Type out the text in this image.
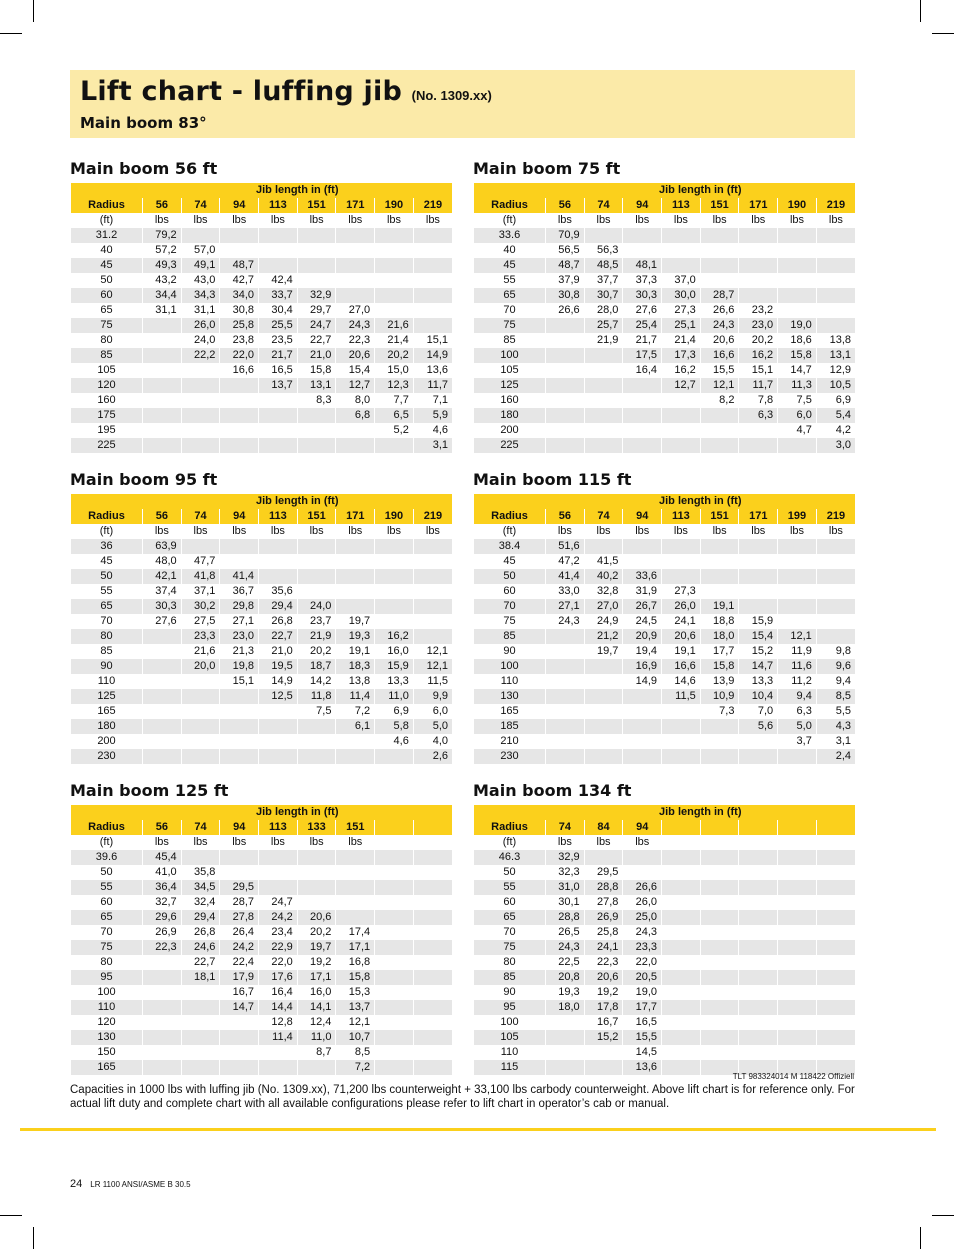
Lift chart - luffing jib (No. 1309.xx)
Main boom 83°
Main boom 56 ft
	Jib length in (ft)							
Radius	56	74	94	113	151	171	190	219
(ft)	lbs	lbs	lbs	lbs	lbs	lbs	lbs	lbs
31.2	79,2							
40	57,2	57,0						
45	49,3	49,1	48,7					
50	43,2	43,0	42,7	42,4				
60	34,4	34,3	34,0	33,7	32,9			
65	31,1	31,1	30,8	30,4	29,7	27,0		
75		26,0	25,8	25,5	24,7	24,3	21,6	
80		24,0	23,8	23,5	22,7	22,3	21,4	15,1
85		22,2	22,0	21,7	21,0	20,6	20,2	14,9
105			16,6	16,5	15,8	15,4	15,0	13,6
120				13,7	13,1	12,7	12,3	11,7
160					8,3	8,0	7,7	7,1
175						6,8	6,5	5,9
195							5,2	4,6
225								3,1
Main boom 75 ft
	Jib length in (ft)							
Radius	56	74	94	113	151	171	190	219
(ft)	lbs	lbs	lbs	lbs	lbs	lbs	lbs	lbs
33.6	70,9							
40	56,5	56,3						
45	48,7	48,5	48,1					
55	37,9	37,7	37,3	37,0				
65	30,8	30,7	30,3	30,0	28,7			
70	26,6	28,0	27,6	27,3	26,6	23,2		
75		25,7	25,4	25,1	24,3	23,0	19,0	
85		21,9	21,7	21,4	20,6	20,2	18,6	13,8
100			17,5	17,3	16,6	16,2	15,8	13,1
105			16,4	16,2	15,5	15,1	14,7	12,9
125				12,7	12,1	11,7	11,3	10,5
160					8,2	7,8	7,5	6,9
180						6,3	6,0	5,4
200							4,7	4,2
225								3,0
Main boom 95 ft
	Jib length in (ft)							
Radius	56	74	94	113	151	171	190	219
(ft)	lbs	lbs	lbs	lbs	lbs	lbs	lbs	lbs
36	63,9							
45	48,0	47,7						
50	42,1	41,8	41,4					
55	37,4	37,1	36,7	35,6				
65	30,3	30,2	29,8	29,4	24,0			
70	27,6	27,5	27,1	26,8	23,7	19,7		
80		23,3	23,0	22,7	21,9	19,3	16,2	
85		21,6	21,3	21,0	20,2	19,1	16,0	12,1
90		20,0	19,8	19,5	18,7	18,3	15,9	12,1
110			15,1	14,9	14,2	13,8	13,3	11,5
125				12,5	11,8	11,4	11,0	9,9
165					7,5	7,2	6,9	6,0
180						6,1	5,8	5,0
200							4,6	4,0
230								2,6
Main boom 115 ft
	Jib length in (ft)							
Radius	56	74	94	113	151	171	199	219
(ft)	lbs	lbs	lbs	lbs	lbs	lbs	lbs	lbs
38.4	51,6							
45	47,2	41,5						
50	41,4	40,2	33,6					
60	33,0	32,8	31,9	27,3				
70	27,1	27,0	26,7	26,0	19,1			
75	24,3	24,9	24,5	24,1	18,8	15,9		
85		21,2	20,9	20,6	18,0	15,4	12,1	
90		19,7	19,4	19,1	17,7	15,2	11,9	9,8
100			16,9	16,6	15,8	14,7	11,6	9,6
110			14,9	14,6	13,9	13,3	11,2	9,4
130				11,5	10,9	10,4	9,4	8,5
165					7,3	7,0	6,3	5,5
185						5,6	5,0	4,3
210							3,7	3,1
230								2,4
Main boom 125 ft
	Jib length in (ft)							
Radius	56	74	94	113	133	151		
(ft)	lbs	lbs	lbs	lbs	lbs	lbs		
39.6	45,4							
50	41,0	35,8						
55	36,4	34,5	29,5					
60	32,7	32,4	28,7	24,7				
65	29,6	29,4	27,8	24,2	20,6			
70	26,9	26,8	26,4	23,4	20,2	17,4		
75	22,3	24,6	24,2	22,9	19,7	17,1		
80		22,7	22,4	22,0	19,2	16,8		
95		18,1	17,9	17,6	17,1	15,8		
100			16,7	16,4	16,0	15,3		
110			14,7	14,4	14,1	13,7		
120				12,8	12,4	12,1		
130				11,4	11,0	10,7		
150					8,7	8,5		
165						7,2		
Main boom 134 ft
	Jib length in (ft)							
Radius	74	84	94					
(ft)	lbs	lbs	lbs					
46.3	32,9							
50	32,3	29,5						
55	31,0	28,8	26,6					
60	30,1	27,8	26,0					
65	28,8	26,9	25,0					
70	26,5	25,8	24,3					
75	24,3	24,1	23,3					
80	22,5	22,3	22,0					
85	20,8	20,6	20,5					
90	19,3	19,2	19,0					
95	18,0	17,8	17,7					
100		16,7	16,5					
105		15,2	15,5					
110			14,5					
115			13,6					
TLT 983324014 M 118422 Offiziell
Capacities in 1000 lbs with luffing jib (No. 1309.xx), 71,200 lbs counterweight + 33,100 lbs carbody counterweight. Above lift chart is for reference only. For actual lift duty and complete chart with all available configurations please refer to lift chart in operator’s cab or manual.
24 LR 1100 ANSI/ASME B 30.5
